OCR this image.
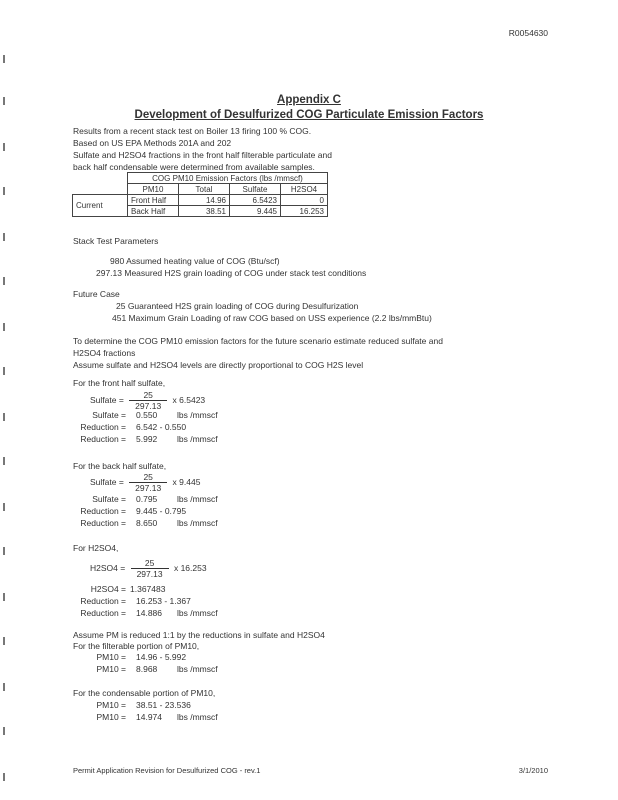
R0054630
Appendix C
Development of Desulfurized COG Particulate Emission Factors
Results from a recent stack test on Boiler 13 firing 100 % COG.
Based on US EPA Methods 201A and 202
Sulfate and H2SO4 fractions in the front half filterable particulate and
back half condensable were determined from available samples.
	COG PM10 Emission Factors (lbs /mmscf)			
	PM10	Total	Sulfate	H2SO4
Current	Front Half	14.96	6.5423	0
	Back Half	38.51	9.445	16.253
Stack Test Parameters
980 Assumed heating value of COG (Btu/scf)
297.13 Measured H2S grain loading of COG under stack test conditions
Future Case
25 Guaranteed H2S grain loading of COG during Desulfurization
451 Maximum Grain Loading of raw COG based on USS experience (2.2 lbs/mmBtu)
To determine the COG PM10 emission factors for the future scenario estimate reduced sulfate and
H2SO4 fractions
Assume sulfate and H2SO4 levels are directly proportional to COG H2S level
For the front half sulfate,
Sulfate = $\frac{25}{297.13}$ x 6.5423
Sulfate = 0.550 lbs /mmscf
Reduction = 6.542 - 0.550
Reduction = 5.992 lbs /mmscf
For the back half sulfate,
Sulfate = $\frac{25}{297.13}$ x 9.445
Sulfate = 0.795 lbs /mmscf
Reduction = 9.445 - 0.795
Reduction = 8.650 lbs /mmscf
For H2SO4,
$H2SO4 = \frac{25}{297.13}$ x 16.253
H2SO4 = 1.367483
Reduction = 16.253 - 1.367
Reduction = 14.886 lbs /mmscf
Assume PM is reduced 1:1 by the reductions in sulfate and H2SO4
For the filterable portion of PM10,
PM10 = 14.96 - 5.992
PM10 = 8.968 lbs /mmscf
For the condensable portion of PM10,
PM10 = 38.51 - 23.536
PM10 = 14.974 lbs /mmscf
Permit Application Revision for Desulfurized COG - rev.1	3/1/2010
